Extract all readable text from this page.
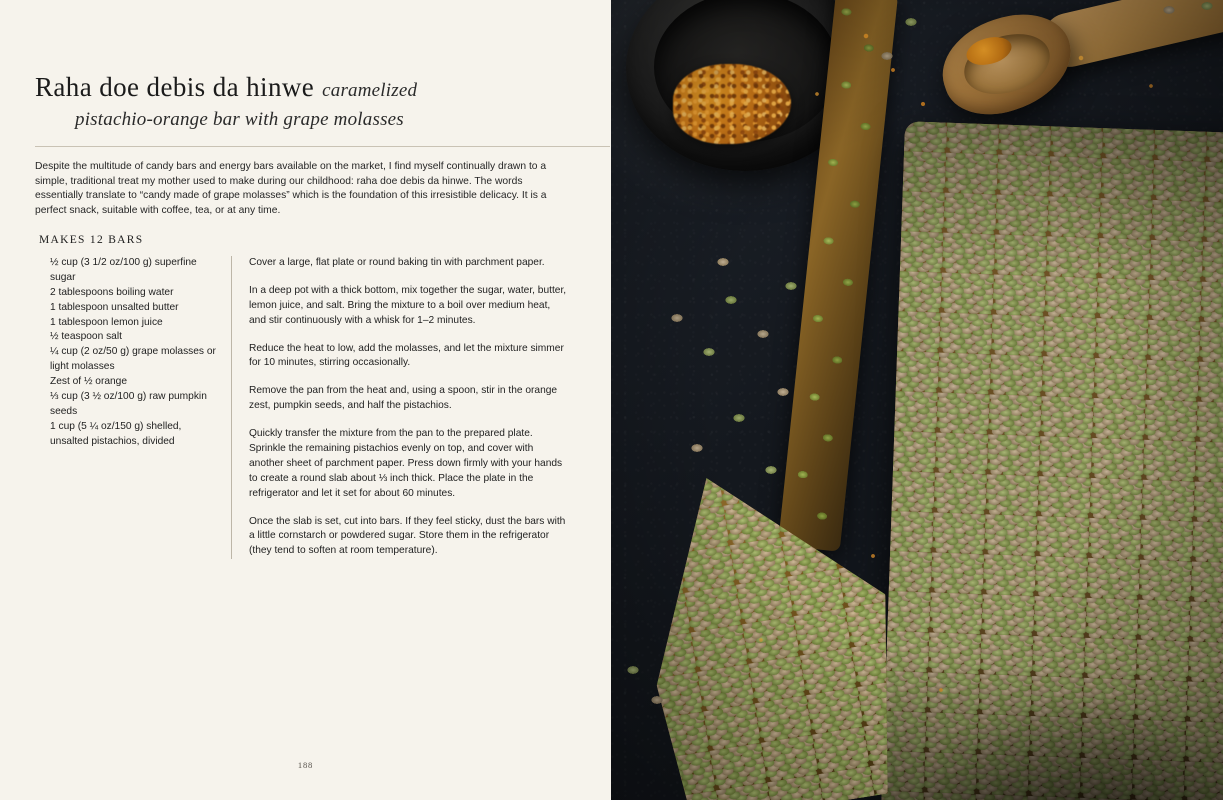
Raha doe debis da hinwe caramelized
pistachio-orange bar with grape molasses
Despite the multitude of candy bars and energy bars available on the market, I find myself continually drawn to a simple, traditional treat my mother used to make during our childhood: raha doe debis da hinwe. The words essentially translate to “candy made of grape molasses” which is the foundation of this irresistible delicacy. It is a perfect snack, suitable with coffee, tea, or at any time.
MAKES 12 BARS
½ cup (3 1/2 oz/100 g) superfine sugar
2 tablespoons boiling water
1 tablespoon unsalted butter
1 tablespoon lemon juice
½ teaspoon salt
¼ cup (2 oz/50 g) grape molasses or light molasses
Zest of ½ orange
⅓ cup (3 ½ oz/100 g) raw pumpkin seeds
1 cup (5 ¼ oz/150 g) shelled, unsalted pistachios, divided

Cover a large, flat plate or round baking tin with parchment paper.

In a deep pot with a thick bottom, mix together the sugar, water, butter, lemon juice, and salt. Bring the mixture to a boil over medium heat, and stir continuously with a whisk for 1–2 minutes.

Reduce the heat to low, add the molasses, and let the mixture simmer for 10 minutes, stirring occasionally.

Remove the pan from the heat and, using a spoon, stir in the orange zest, pumpkin seeds, and half the pistachios.

Quickly transfer the mixture from the pan to the prepared plate. Sprinkle the remaining pistachios evenly on top, and cover with another sheet of parchment paper. Press down firmly with your hands to create a round slab about ⅓ inch thick. Place the plate in the refrigerator and let it set for about 60 minutes.

Once the slab is set, cut into bars. If they feel sticky, dust the bars with a little cornstarch or powdered sugar. Store them in the refrigerator (they tend to soften at room temperature).

188
